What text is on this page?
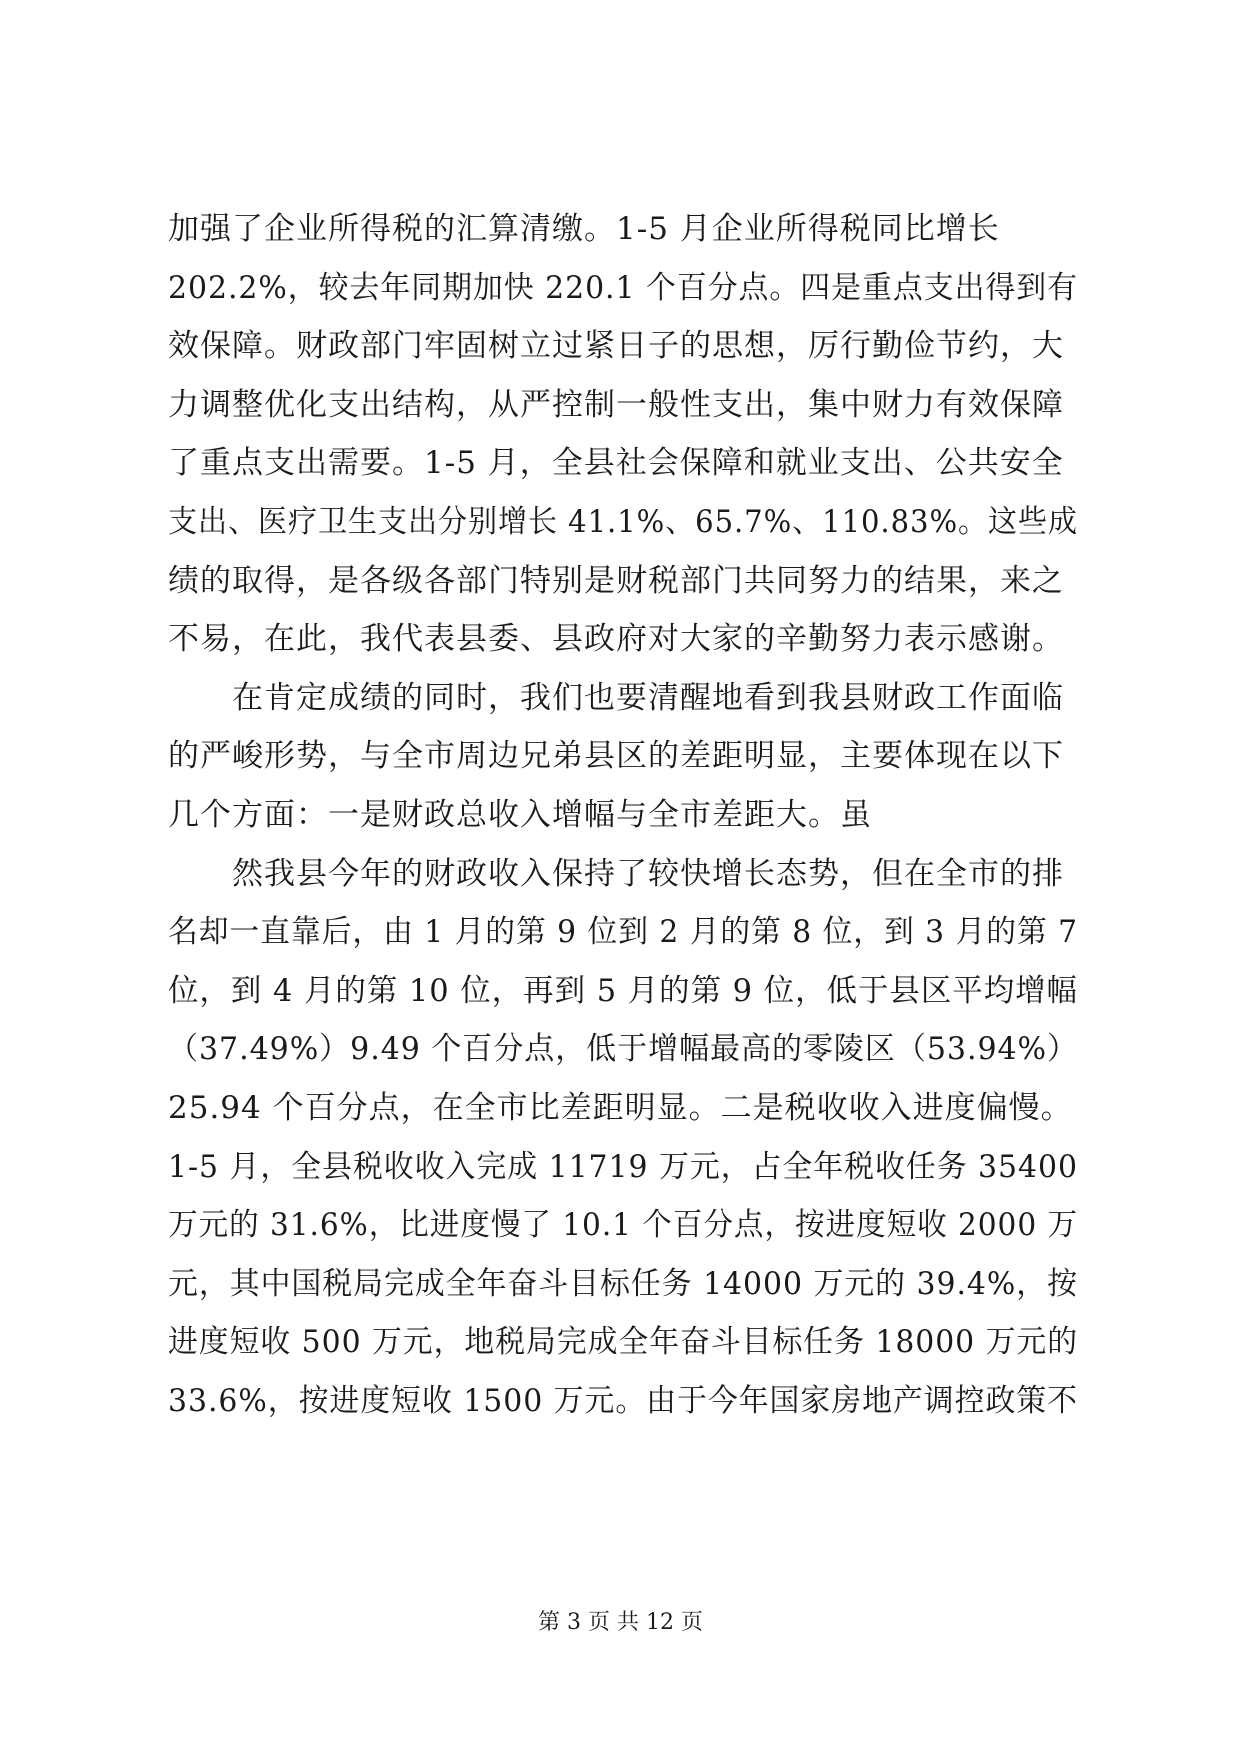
加强了企业所得税的汇算清缴。1-5 月企业所得税同比增长
202.2%，较去年同期加快 220.1 个百分点。四是重点支出得到有
效保障。财政部门牢固树立过紧日子的思想，厉行勤俭节约，大
力调整优化支出结构，从严控制一般性支出，集中财力有效保障
了重点支出需要。1-5 月，全县社会保障和就业支出、公共安全
支出、医疗卫生支出分别增长 41.1%、65.7%、110.83%。这些成
绩的取得，是各级各部门特别是财税部门共同努力的结果，来之
不易，在此，我代表县委、县政府对大家的辛勤努力表示感谢。
在肯定成绩的同时，我们也要清醒地看到我县财政工作面临
的严峻形势，与全市周边兄弟县区的差距明显，主要体现在以下
几个方面：一是财政总收入增幅与全市差距大。虽
然我县今年的财政收入保持了较快增长态势，但在全市的排
名却一直靠后，由 1 月的第 9 位到 2 月的第 8 位，到 3 月的第 7
位，到 4 月的第 10 位，再到 5 月的第 9 位，低于县区平均增幅
（37.49%）9.49 个百分点，低于增幅最高的零陵区（53.94%）
25.94 个百分点，在全市比差距明显。二是税收收入进度偏慢。
1-5 月，全县税收收入完成 11719 万元，占全年税收任务 35400
万元的 31.6%，比进度慢了 10.1 个百分点，按进度短收 2000 万
元，其中国税局完成全年奋斗目标任务 14000 万元的 39.4%，按
进度短收 500 万元，地税局完成全年奋斗目标任务 18000 万元的
33.6%，按进度短收 1500 万元。由于今年国家房地产调控政策不
第 3 页 共 12 页
